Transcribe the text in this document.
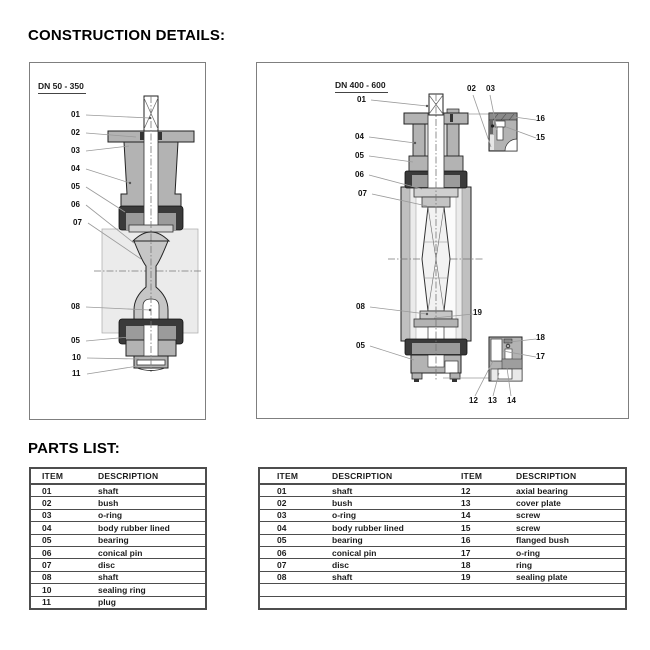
CONSTRUCTION DETAILS:
DN 50 - 350	DN 400 - 600
01
02
03
04
05
06
07
08
05
10
11
01
04
05
06
07
08
05
02 03
16
15
19
18
17
12 13 14
PARTS LIST:
ITEM	DESCRIPTION
01	shaft
02	bush
03	o-ring
04	body rubber lined
05	bearing
06	conical pin
07	disc
08	shaft
10	sealing ring
11	plug
ITEM	DESCRIPTION	ITEM	DESCRIPTION
01	shaft	12	axial bearing
02	bush	13	cover plate
03	o-ring	14	screw
04	body rubber lined	15	screw
05	bearing	16	flanged bush
06	conical pin	17	o-ring
07	disc	18	ring
08	shaft	19	sealing plate
